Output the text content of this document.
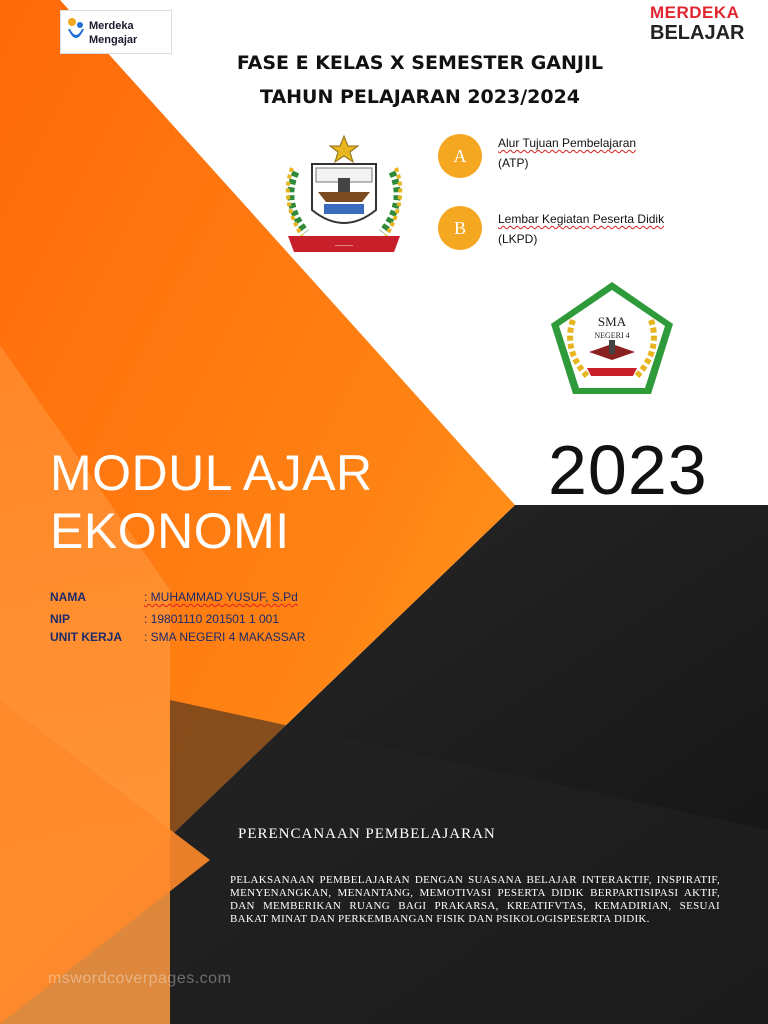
Merdeka
Mengajar
MERDEKA
BELAJAR
FASE E KELAS X SEMESTER GANJIL
TAHUN PELAJARAN 2023/2024
———
A
Alur Tujuan Pembelajaran
(ATP)
B	Lembar Kegiatan Peserta Didik
(LKPD)
SMA
NEGERI 4
MODUL AJAR
EKONOMI
2023
NAMA	: MUHAMMAD YUSUF, S.Pd
NIP	: 19801110 201501 1 001
UNIT KERJA	: SMA NEGERI 4 MAKASSAR
PERENCANAAN PEMBELAJARAN
PELAKSANAAN PEMBELAJARAN DENGAN SUASANA BELAJAR INTERAKTIF, INSPIRATIF, MENYENANGKAN, MENANTANG, MEMOTIVASI PESERTA DIDIK BERPARTISIPASI AKTIF, DAN MEMBERIKAN RUANG BAGI PRAKARSA, KREATIFVTAS, KEMADIRIAN, SESUAI BAKAT MINAT DAN PERKEMBANGAN FISIK DAN PSIKOLOGISPESERTA DIDIK.
mswordcoverpages.com
